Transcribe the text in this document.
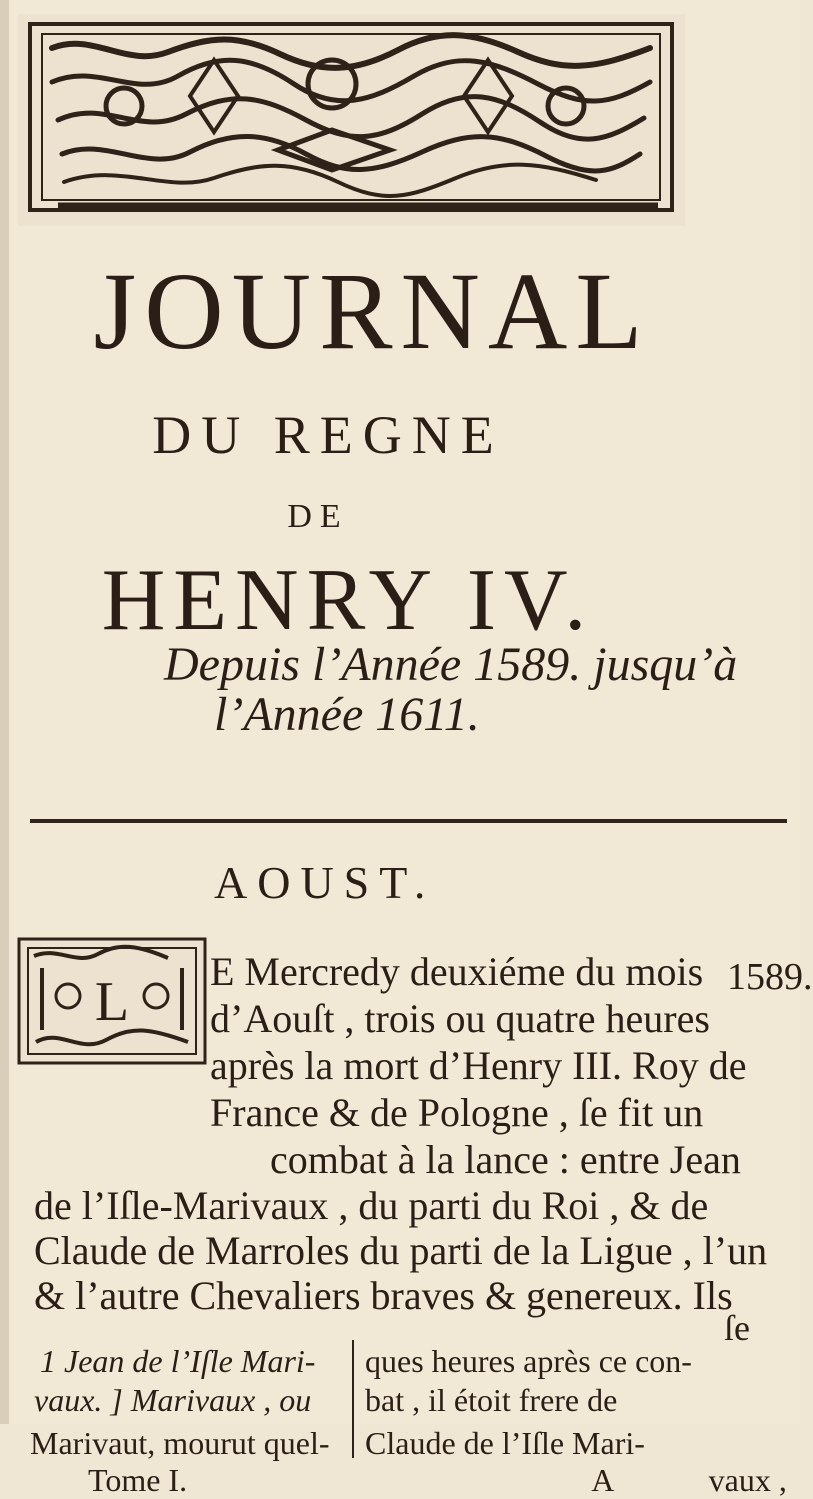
JOURNAL
DU REGNE
DE
HENRY IV.
Depuis l’Année 1589. jusqu’à
l’Année 1611.
AOUST.
L	1589.
E Mercredy deuxiéme du mois
d’Aouſt , trois ou quatre heures
après la mort d’Henry III. Roy de
France & de Pologne , ſe fit un
combat à la lance : entre Jean
de l’Iſle-Marivaux , du parti du Roi , & de
Claude de Marroles du parti de la Ligue , l’un
& l’autre Chevaliers braves & genereux. Ils
ſe
1 Jean de l’Iſle Mari-
vaux. ] Marivaux , ou
Marivaut, mourut quel-
ques heures après ce con-
bat , il étoit frere de
Claude de l’Iſle Mari-
Tome I.	A	vaux ,
